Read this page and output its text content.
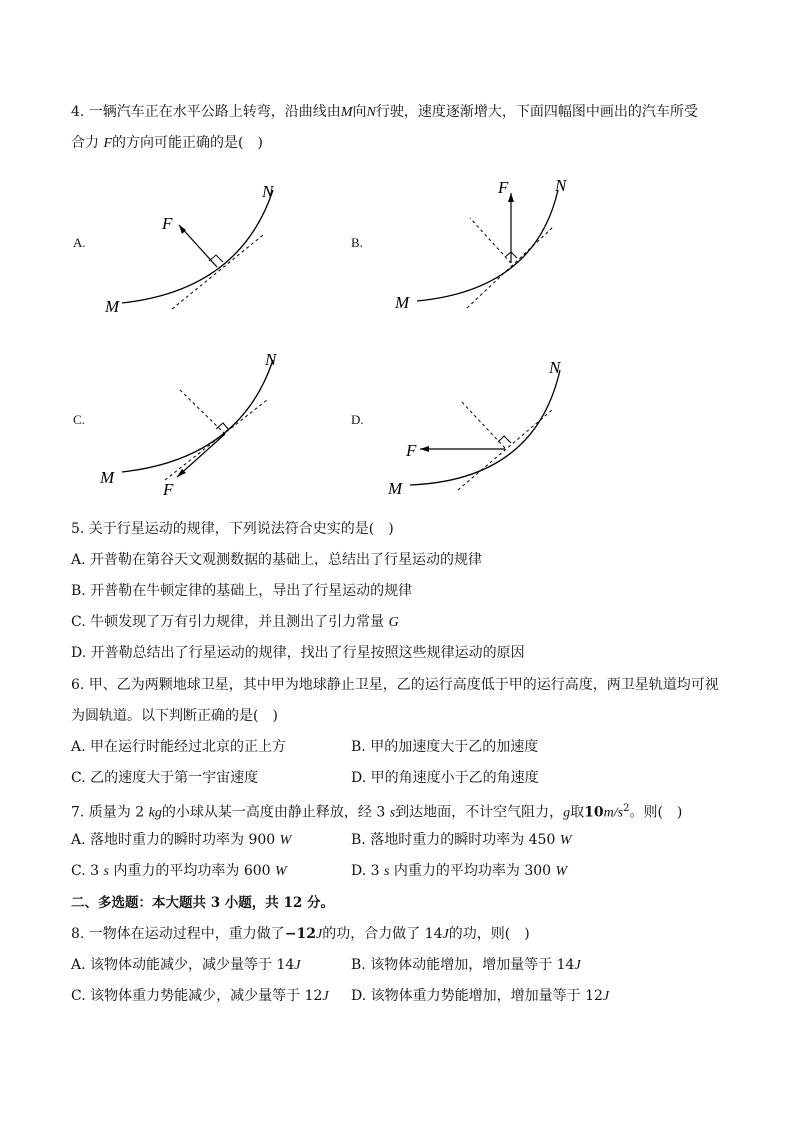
4. 一辆汽车正在水平公路上转弯，沿曲线由M向N行驶，速度逐渐增大，下面四幅图中画出的汽车所受
合力 F的方向可能正确的是(　)
A.	B.
C.	D.
M
N
F
M
N
F
M
N
F	M
N
F
5. 关于行星运动的规律，下列说法符合史实的是(　)
A. 开普勒在第谷天文观测数据的基础上，总结出了行星运动的规律
B. 开普勒在牛顿定律的基础上，导出了行星运动的规律
C. 牛顿发现了万有引力规律，并且测出了引力常量 G
D. 开普勒总结出了行星运动的规律，找出了行星按照这些规律运动的原因
6. 甲、乙为两颗地球卫星，其中甲为地球静止卫星，乙的运行高度低于甲的运行高度，两卫星轨道均可视
为圆轨道。以下判断正确的是(　)
A. 甲在运行时能经过北京的正上方	B. 甲的加速度大于乙的加速度
C. 乙的速度大于第一宇宙速度	D. 甲的角速度小于乙的角速度
7. 质量为 2 kg的小球从某一高度由静止释放，经 3 s到达地面，不计空气阻力，g取$10m/s^2$。则(　)
A. 落地时重力的瞬时功率为 900 W	B. 落地时重力的瞬时功率为 450 W
C. 3 s 内重力的平均功率为 600 W	D. 3 s 内重力的平均功率为 300 W
二、多选题：本大题共 3 小题，共 12 分。
8. 一物体在运动过程中，重力做了−12J的功，合力做了 14J的功，则(　)
A. 该物体动能减少，减少量等于 14J	B. 该物体动能增加，增加量等于 14J
C. 该物体重力势能减少，减少量等于 12J D. 该物体重力势能增加，增加量等于 12J
